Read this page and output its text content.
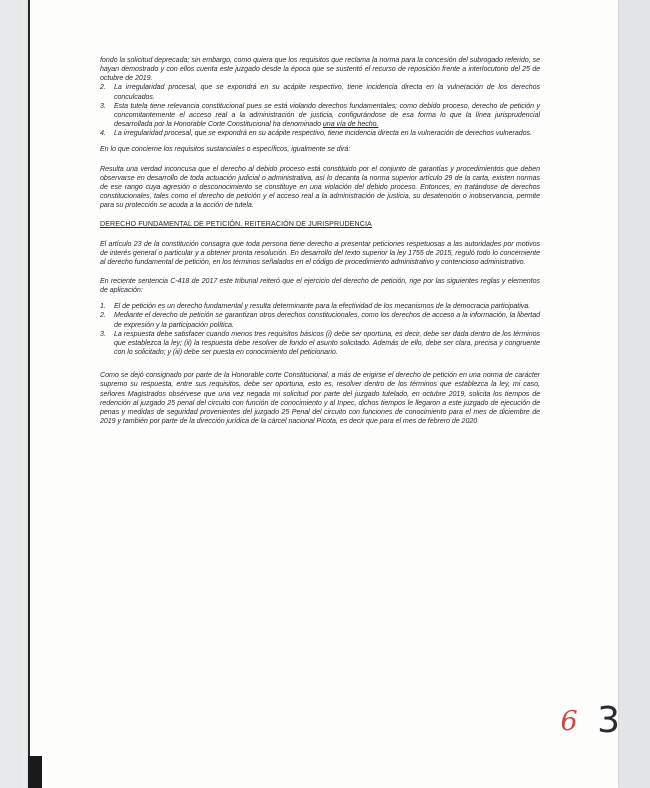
fondo la solicitud deprecada; sin embargo, como quiera que los requisitos que reclama la norma para la concesión del subrogado referido, se hayan demostrado y con ellos cuenta este juzgado desde la época que se sustentó el recurso de reposición frente a interlocutorio del 25 de octubre de 2019.

2.	La irregularidad procesal, que se expondrá en su acápite respectivo, tiene incidencia directa en la vulneración de los derechos conculcados.
3.	Esta tutela tiene relevancia constitucional pues se está violando derechos fundamentales; como debido proceso, derecho de petición y concomitantemente el acceso real a la administración de justicia, configurándose de esa forma lo que la línea jurisprudencial desarrollada por la Honorable Corte Constitucional ha denominado una vía de hecho.
4.	La irregularidad procesal, que se expondrá en su acápite respectivo, tiene incidencia directa en la vulneración de derechos vulnerados.

En lo que concierne los requisitos sustanciales o específicos, igualmente se dirá:

Resulta una verdad inconcusa que el derecho al debido proceso está constituido por el conjunto de garantías y procedimientos que deben observarse en desarrollo de toda actuación judicial o administrativa, así lo decanta la norma superior artículo 29 de la carta, existen normas de ese rango cuya agresión o desconocimiento se constituye en una violación del debido proceso. Entonces, en tratándose de derechos constitucionales, tales como el derecho de petición y el acceso real a la administración de justicia, su desatención o inobservancia, permite para su protección se acuda a la acción de tutela.

DERECHO FUNDAMENTAL DE PETICIÓN. REITERACIÓN DE JURISPRUDENCIA

El artículo 23 de la constitución consagra que toda persona tiene derecho a presentar peticiones respetuosas a las autoridades por motivos de interés general o particular y a obtener pronta resolución. En desarrollo del texto superior la ley 1755 de 2015, reguló todo lo concerniente al derecho fundamental de petición, en los términos señalados en el código de procedimiento administrativo y contencioso administrativo.

En reciente sentencia C-418 de 2017 este tribunal reiteró que el ejercicio del derecho de petición, rige por las siguientes reglas y elementos de aplicación:

1.	El de petición es un derecho fundamental y resulta determinante para la efectividad de los mecanismos de la democracia participativa.
2.	Mediante el derecho de petición se garantizan otros derechos constitucionales, como los derechos de acceso a la información, la libertad de expresión y la participación política.
3.	La respuesta debe satisfacer cuando menos tres requisitos básicos (i) debe ser oportuna, es decir, debe ser dada dentro de los términos que establezca la ley; (ii) la respuesta debe resolver de fondo el asunto solicitado. Además de ello, debe ser clara, precisa y congruente con lo solicitado; y (iii) debe ser puesta en conocimiento del peticionario.

Como se dejó consignado por parte de la Honorable corte Constitucional, a más de erigirse el derecho de petición en una norma de carácter supremo su respuesta, entre sus requisitos, debe ser oportuna, esto es, resolver dentro de los términos que establezca la ley, mi caso, señores Magistrados obsérvese que una vez negada mi solicitud por parte del juzgado tutelado, en octubre 2019, solicita los tiempos de redención al juzgado 25 penal del circuito con función de conocimiento y al Inpec, dichos tiempos le llegaron a este juzgado de ejecución de penas y medidas de seguridad provenientes del juzgado 25 Penal del circuito con funciones de conocimiento para el mes de diciembre de 2019 y también por parte de la dirección jurídica de la cárcel nacional Picota, es decir que para el mes de febrero de 2020

6 3
